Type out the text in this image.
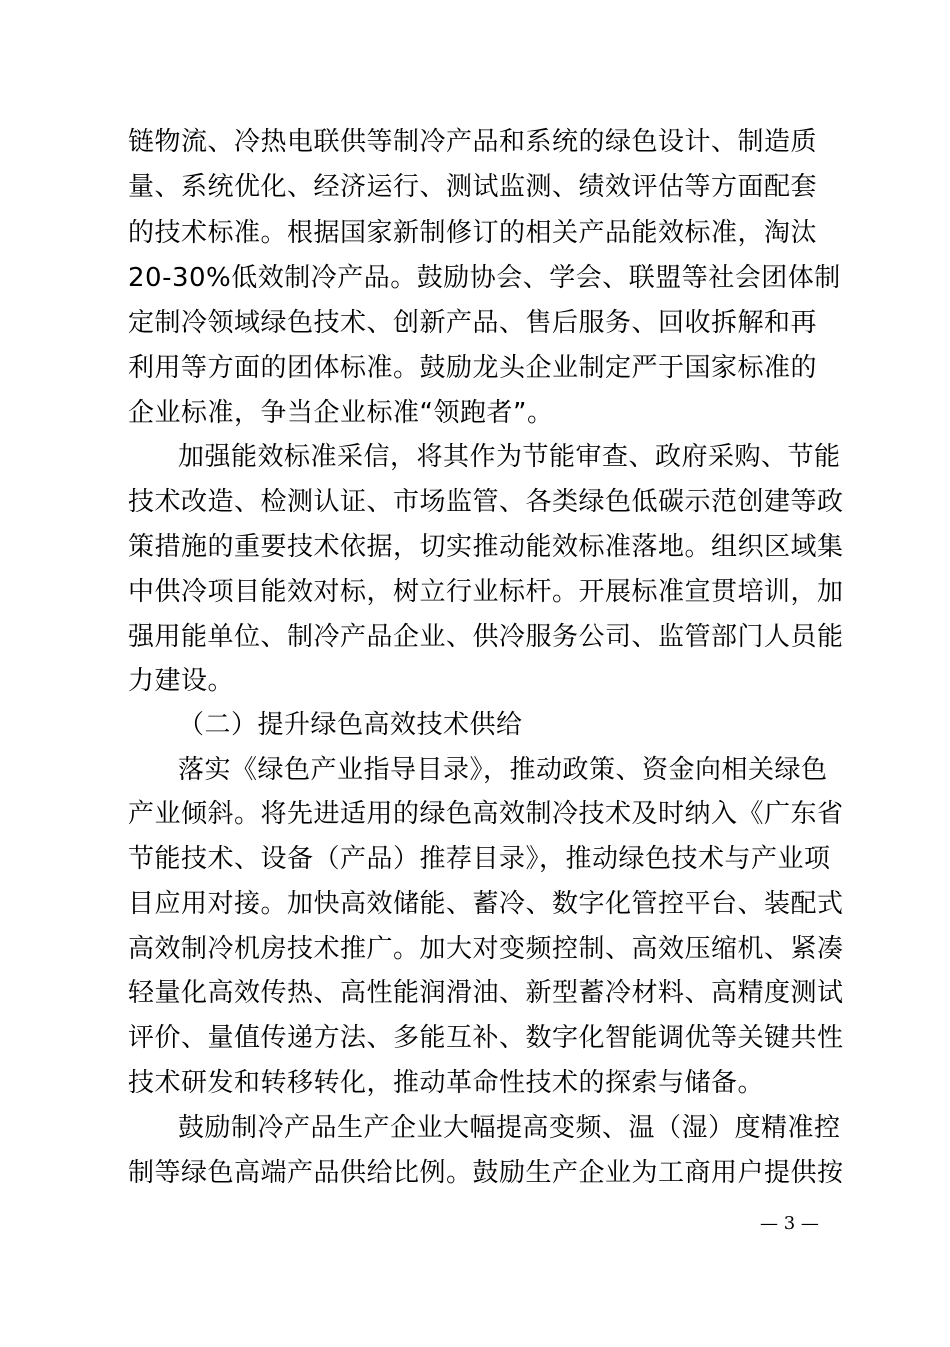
链物流、冷热电联供等制冷产品和系统的绿色设计、制造质
量、系统优化、经济运行、测试监测、绩效评估等方面配套
的技术标准。根据国家新制修订的相关产品能效标准，淘汰
20-30%低效制冷产品。鼓励协会、学会、联盟等社会团体制
定制冷领域绿色技术、创新产品、售后服务、回收拆解和再
利用等方面的团体标准。鼓励龙头企业制定严于国家标准的
企业标准，争当企业标准“领跑者”。
加强能效标准采信，将其作为节能审查、政府采购、节能
技术改造、检测认证、市场监管、各类绿色低碳示范创建等政
策措施的重要技术依据，切实推动能效标准落地。组织区域集
中供冷项目能效对标，树立行业标杆。开展标准宣贯培训，加
强用能单位、制冷产品企业、供冷服务公司、监管部门人员能
力建设。
（二）提升绿色高效技术供给
落实《绿色产业指导目录》，推动政策、资金向相关绿色
产业倾斜。将先进适用的绿色高效制冷技术及时纳入《广东省
节能技术、设备（产品）推荐目录》，推动绿色技术与产业项
目应用对接。加快高效储能、蓄冷、数字化管控平台、装配式
高效制冷机房技术推广。加大对变频控制、高效压缩机、紧凑
轻量化高效传热、高性能润滑油、新型蓄冷材料、高精度测试
评价、量值传递方法、多能互补、数字化智能调优等关键共性
技术研发和转移转化，推动革命性技术的探索与储备。
鼓励制冷产品生产企业大幅提高变频、温（湿）度精准控
制等绿色高端产品供给比例。鼓励生产企业为工商用户提供按
— 3 —
